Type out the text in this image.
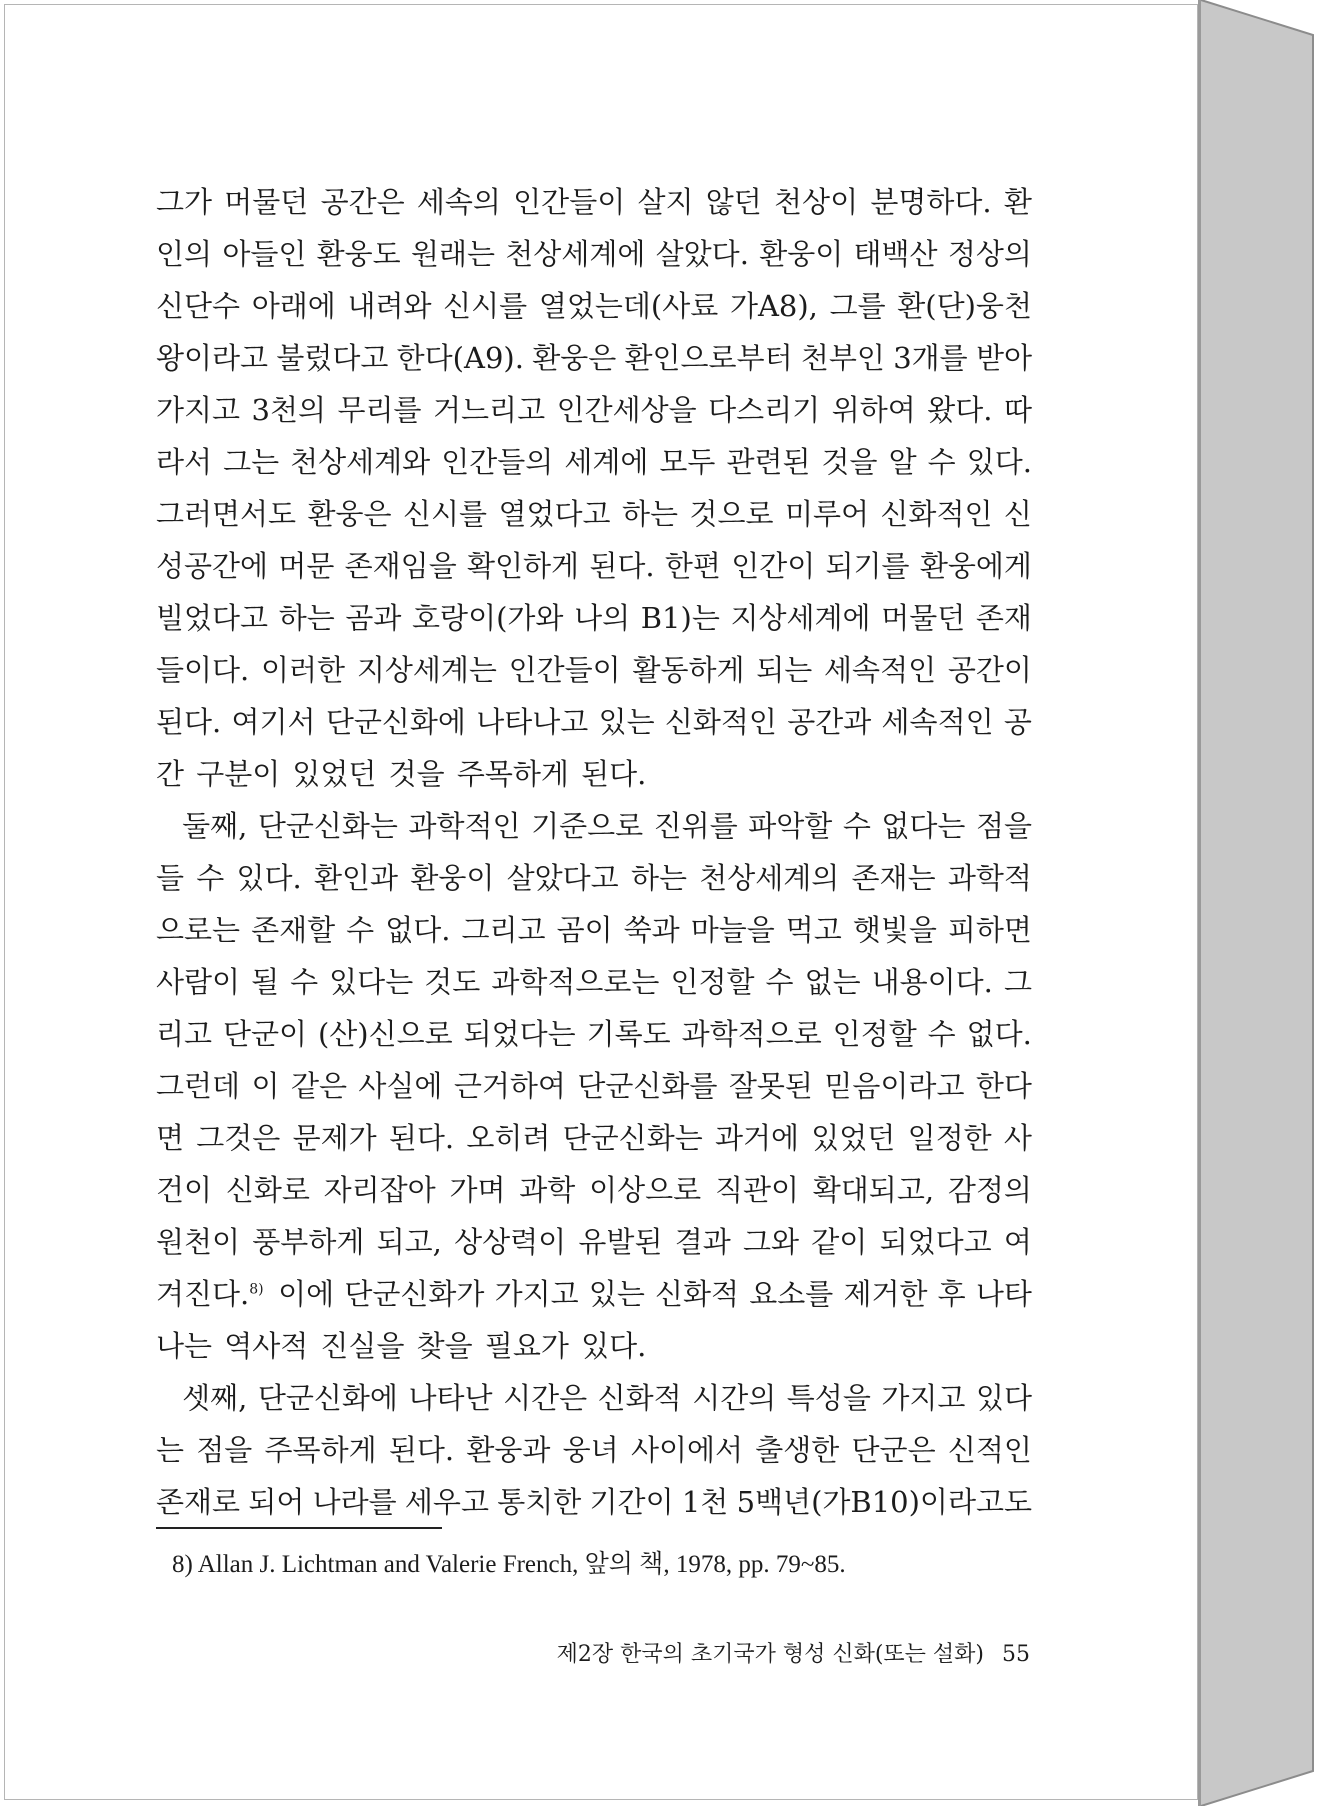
그가 머물던 공간은 세속의 인간들이 살지 않던 천상이 분명하다. 환
인의 아들인 환웅도 원래는 천상세계에 살았다. 환웅이 태백산 정상의
신단수 아래에 내려와 신시를 열었는데(사료 가A8), 그를 환(단)웅천
왕이라고 불렀다고 한다(A9). 환웅은 환인으로부터 천부인 3개를 받아
가지고 3천의 무리를 거느리고 인간세상을 다스리기 위하여 왔다. 따
라서 그는 천상세계와 인간들의 세계에 모두 관련된 것을 알 수 있다.
그러면서도 환웅은 신시를 열었다고 하는 것으로 미루어 신화적인 신
성공간에 머문 존재임을 확인하게 된다. 한편 인간이 되기를 환웅에게
빌었다고 하는 곰과 호랑이(가와 나의 B1)는 지상세계에 머물던 존재
들이다. 이러한 지상세계는 인간들이 활동하게 되는 세속적인 공간이
된다. 여기서 단군신화에 나타나고 있는 신화적인 공간과 세속적인 공
간 구분이 있었던 것을 주목하게 된다.
둘째, 단군신화는 과학적인 기준으로 진위를 파악할 수 없다는 점을
들 수 있다. 환인과 환웅이 살았다고 하는 천상세계의 존재는 과학적
으로는 존재할 수 없다. 그리고 곰이 쑥과 마늘을 먹고 햇빛을 피하면
사람이 될 수 있다는 것도 과학적으로는 인정할 수 없는 내용이다. 그
리고 단군이 (산)신으로 되었다는 기록도 과학적으로 인정할 수 없다.
그런데 이 같은 사실에 근거하여 단군신화를 잘못된 믿음이라고 한다
면 그것은 문제가 된다. 오히려 단군신화는 과거에 있었던 일정한 사
건이 신화로 자리잡아 가며 과학 이상으로 직관이 확대되고, 감정의
원천이 풍부하게 되고, 상상력이 유발된 결과 그와 같이 되었다고 여
겨진다.$^{8)}$ 이에 단군신화가 가지고 있는 신화적 요소를 제거한 후 나타
나는 역사적 진실을 찾을 필요가 있다.
셋째, 단군신화에 나타난 시간은 신화적 시간의 특성을 가지고 있다
는 점을 주목하게 된다. 환웅과 웅녀 사이에서 출생한 단군은 신적인
존재로 되어 나라를 세우고 통치한 기간이 1천 5백년(가B10)이라고도
8) Allan J. Lichtman and Valerie French, 앞의 책, 1978, pp. 79~85.
제2장 한국의 초기국가 형성 신화(또는 설화) 55
